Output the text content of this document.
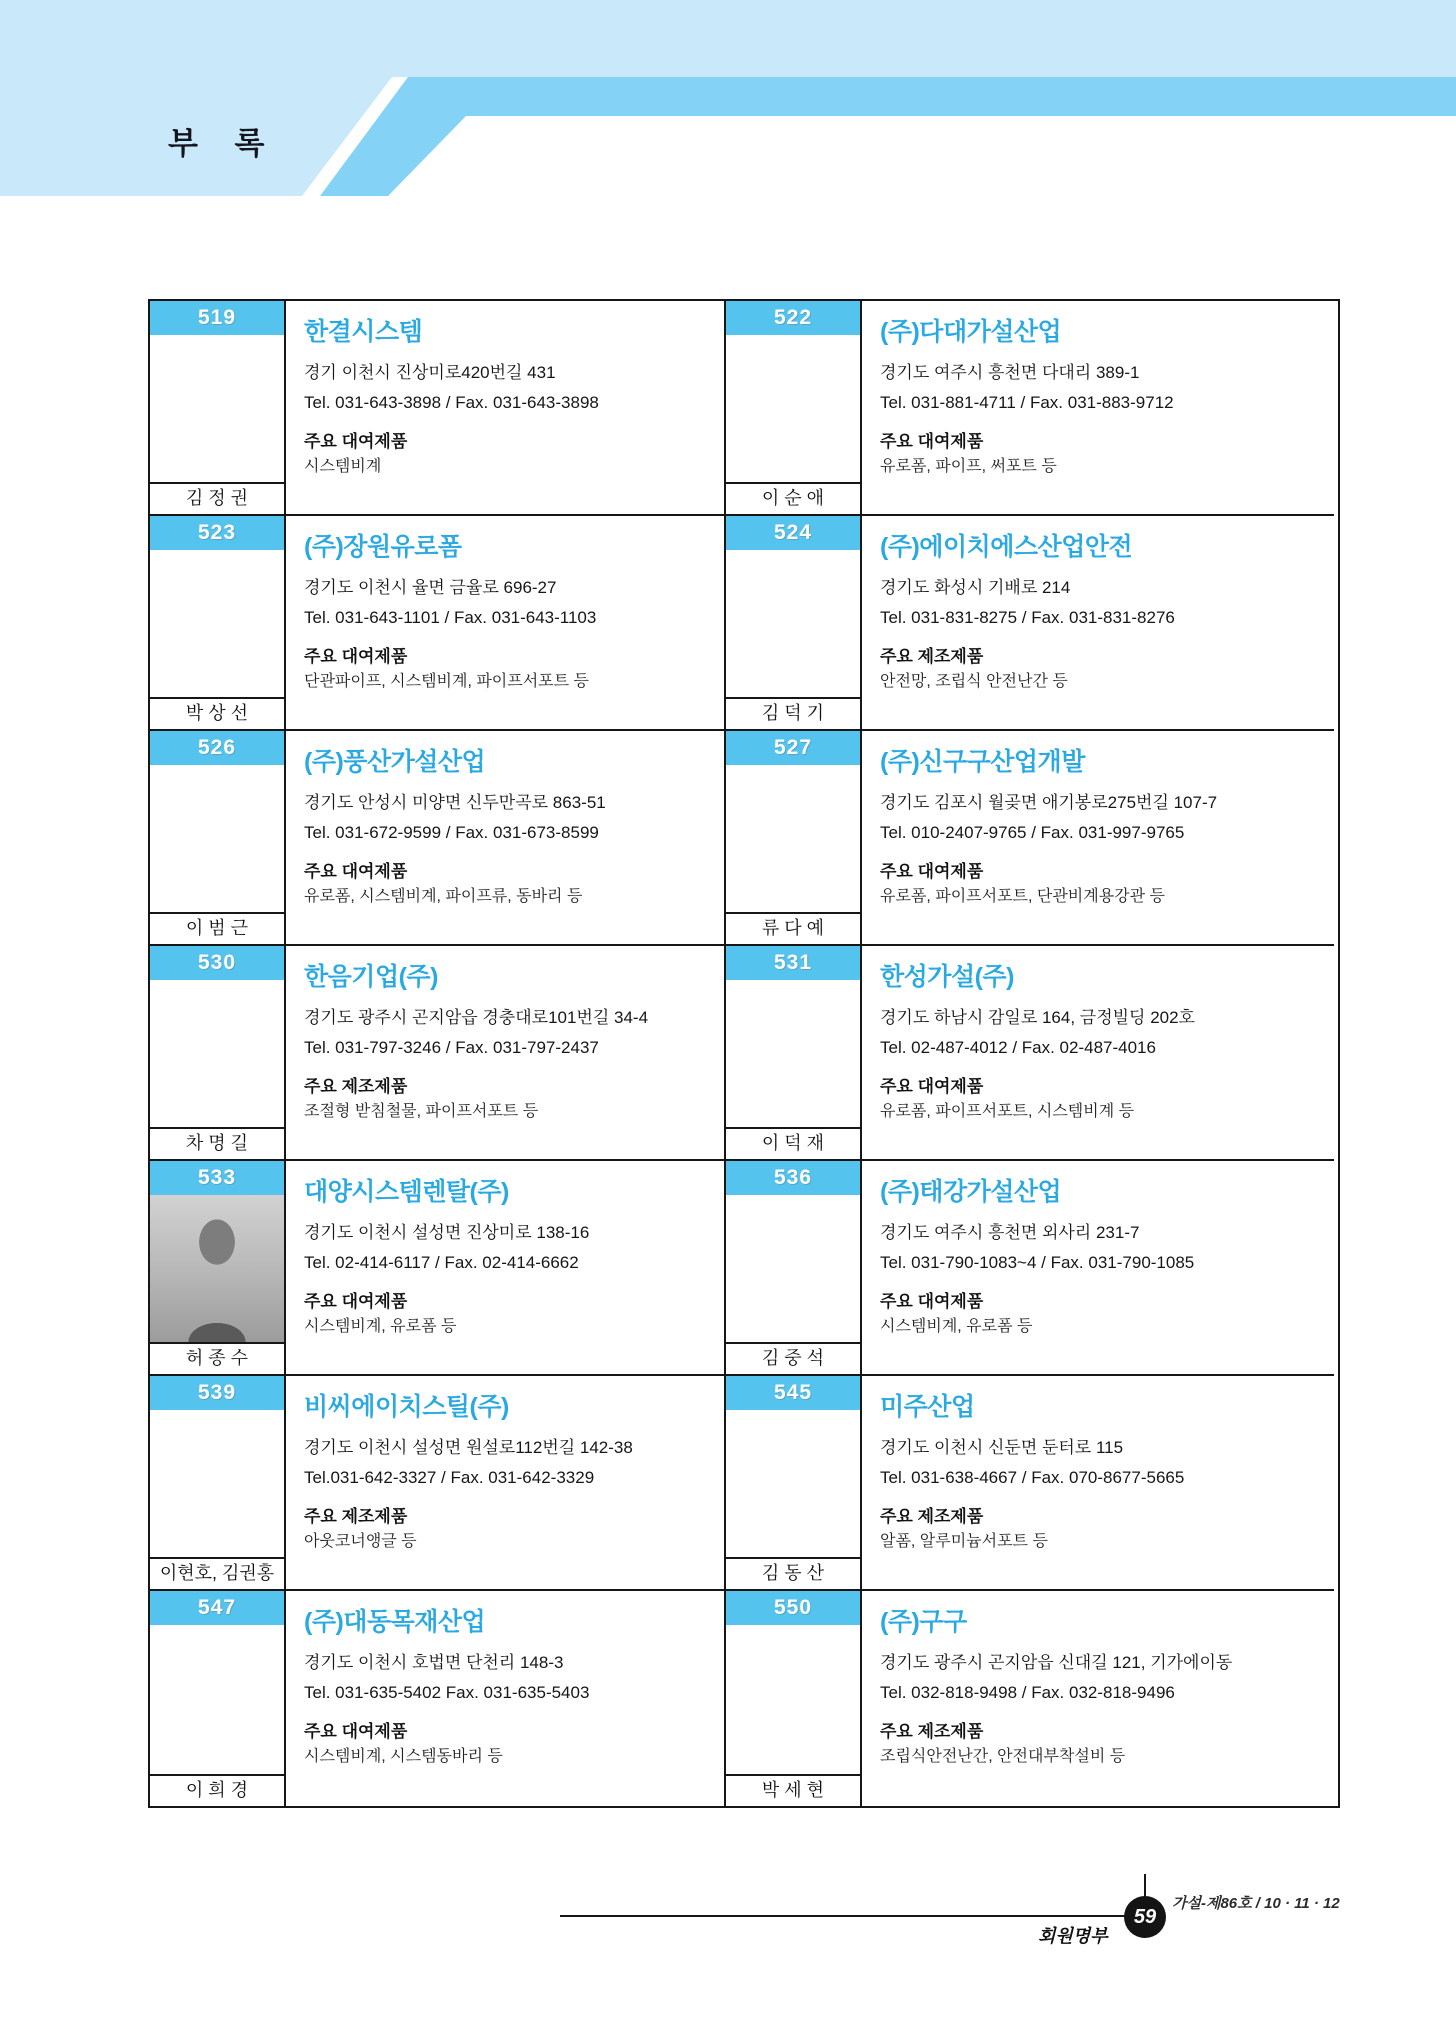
부 록
519
김 정 권
한결시스템
경기 이천시 진상미로420번길 431
Tel. 031-643-3898 / Fax. 031-643-3898
주요 대여제품
시스템비계
522
이 순 애
(주)다대가설산업
경기도 여주시 흥천면 다대리 389-1
Tel. 031-881-4711 / Fax. 031-883-9712
주요 대여제품
유로폼, 파이프, 써포트 등
523
박 상 선
(주)장원유로폼
경기도 이천시 율면 금율로 696-27
Tel. 031-643-1101 / Fax. 031-643-1103
주요 대여제품
단관파이프, 시스템비계, 파이프서포트 등
524
김 덕 기
(주)에이치에스산업안전
경기도 화성시 기배로 214
Tel. 031-831-8275 / Fax. 031-831-8276
주요 제조제품
안전망, 조립식 안전난간 등
526
이 범 근
(주)풍산가설산업
경기도 안성시 미양면 신두만곡로 863-51
Tel. 031-672-9599 / Fax. 031-673-8599
주요 대여제품
유로폼, 시스템비계, 파이프류, 동바리 등
527
류 다 예
(주)신구구산업개발
경기도 김포시 월곶면 애기봉로275번길 107-7
Tel. 010-2407-9765 / Fax. 031-997-9765
주요 대여제품
유로폼, 파이프서포트, 단관비계용강관 등
530
차 명 길
한음기업(주)
경기도 광주시 곤지암읍 경충대로101번길 34-4
Tel. 031-797-3246 / Fax. 031-797-2437
주요 제조제품
조절형 받침철물, 파이프서포트 등
531
이 덕 재
한성가설(주)
경기도 하남시 감일로 164, 금정빌딩 202호
Tel. 02-487-4012 / Fax. 02-487-4016
주요 대여제품
유로폼, 파이프서포트, 시스템비계 등
533
허 종 수
대양시스템렌탈(주)
경기도 이천시 설성면 진상미로 138-16
Tel. 02-414-6117 / Fax. 02-414-6662
주요 대여제품
시스템비계, 유로폼 등
536
김 중 석
(주)태강가설산업
경기도 여주시 흥천면 외사리 231-7
Tel. 031-790-1083~4 / Fax. 031-790-1085
주요 대여제품
시스템비계, 유로폼 등
539
이현호, 김권홍
비씨에이치스틸(주)
경기도 이천시 설성면 원설로112번길 142-38
Tel.031-642-3327 / Fax. 031-642-3329
주요 제조제품
아웃코너앵글 등
545
김 동 산
미주산업
경기도 이천시 신둔면 둔터로 115
Tel. 031-638-4667 / Fax. 070-8677-5665
주요 제조제품
알폼, 알루미늄서포트 등
547
이 희 경
(주)대동목재산업
경기도 이천시 호법면 단천리 148-3
Tel. 031-635-5402 Fax. 031-635-5403
주요 대여제품
시스템비계, 시스템동바리 등
550
박 세 현
(주)구구
경기도 광주시 곤지암읍 신대길 121, 기가에이동
Tel. 032-818-9498 / Fax. 032-818-9496
주요 제조제품
조립식안전난간, 안전대부착설비 등
가설-제86호 / 10 · 11 · 12
59
회원명부
